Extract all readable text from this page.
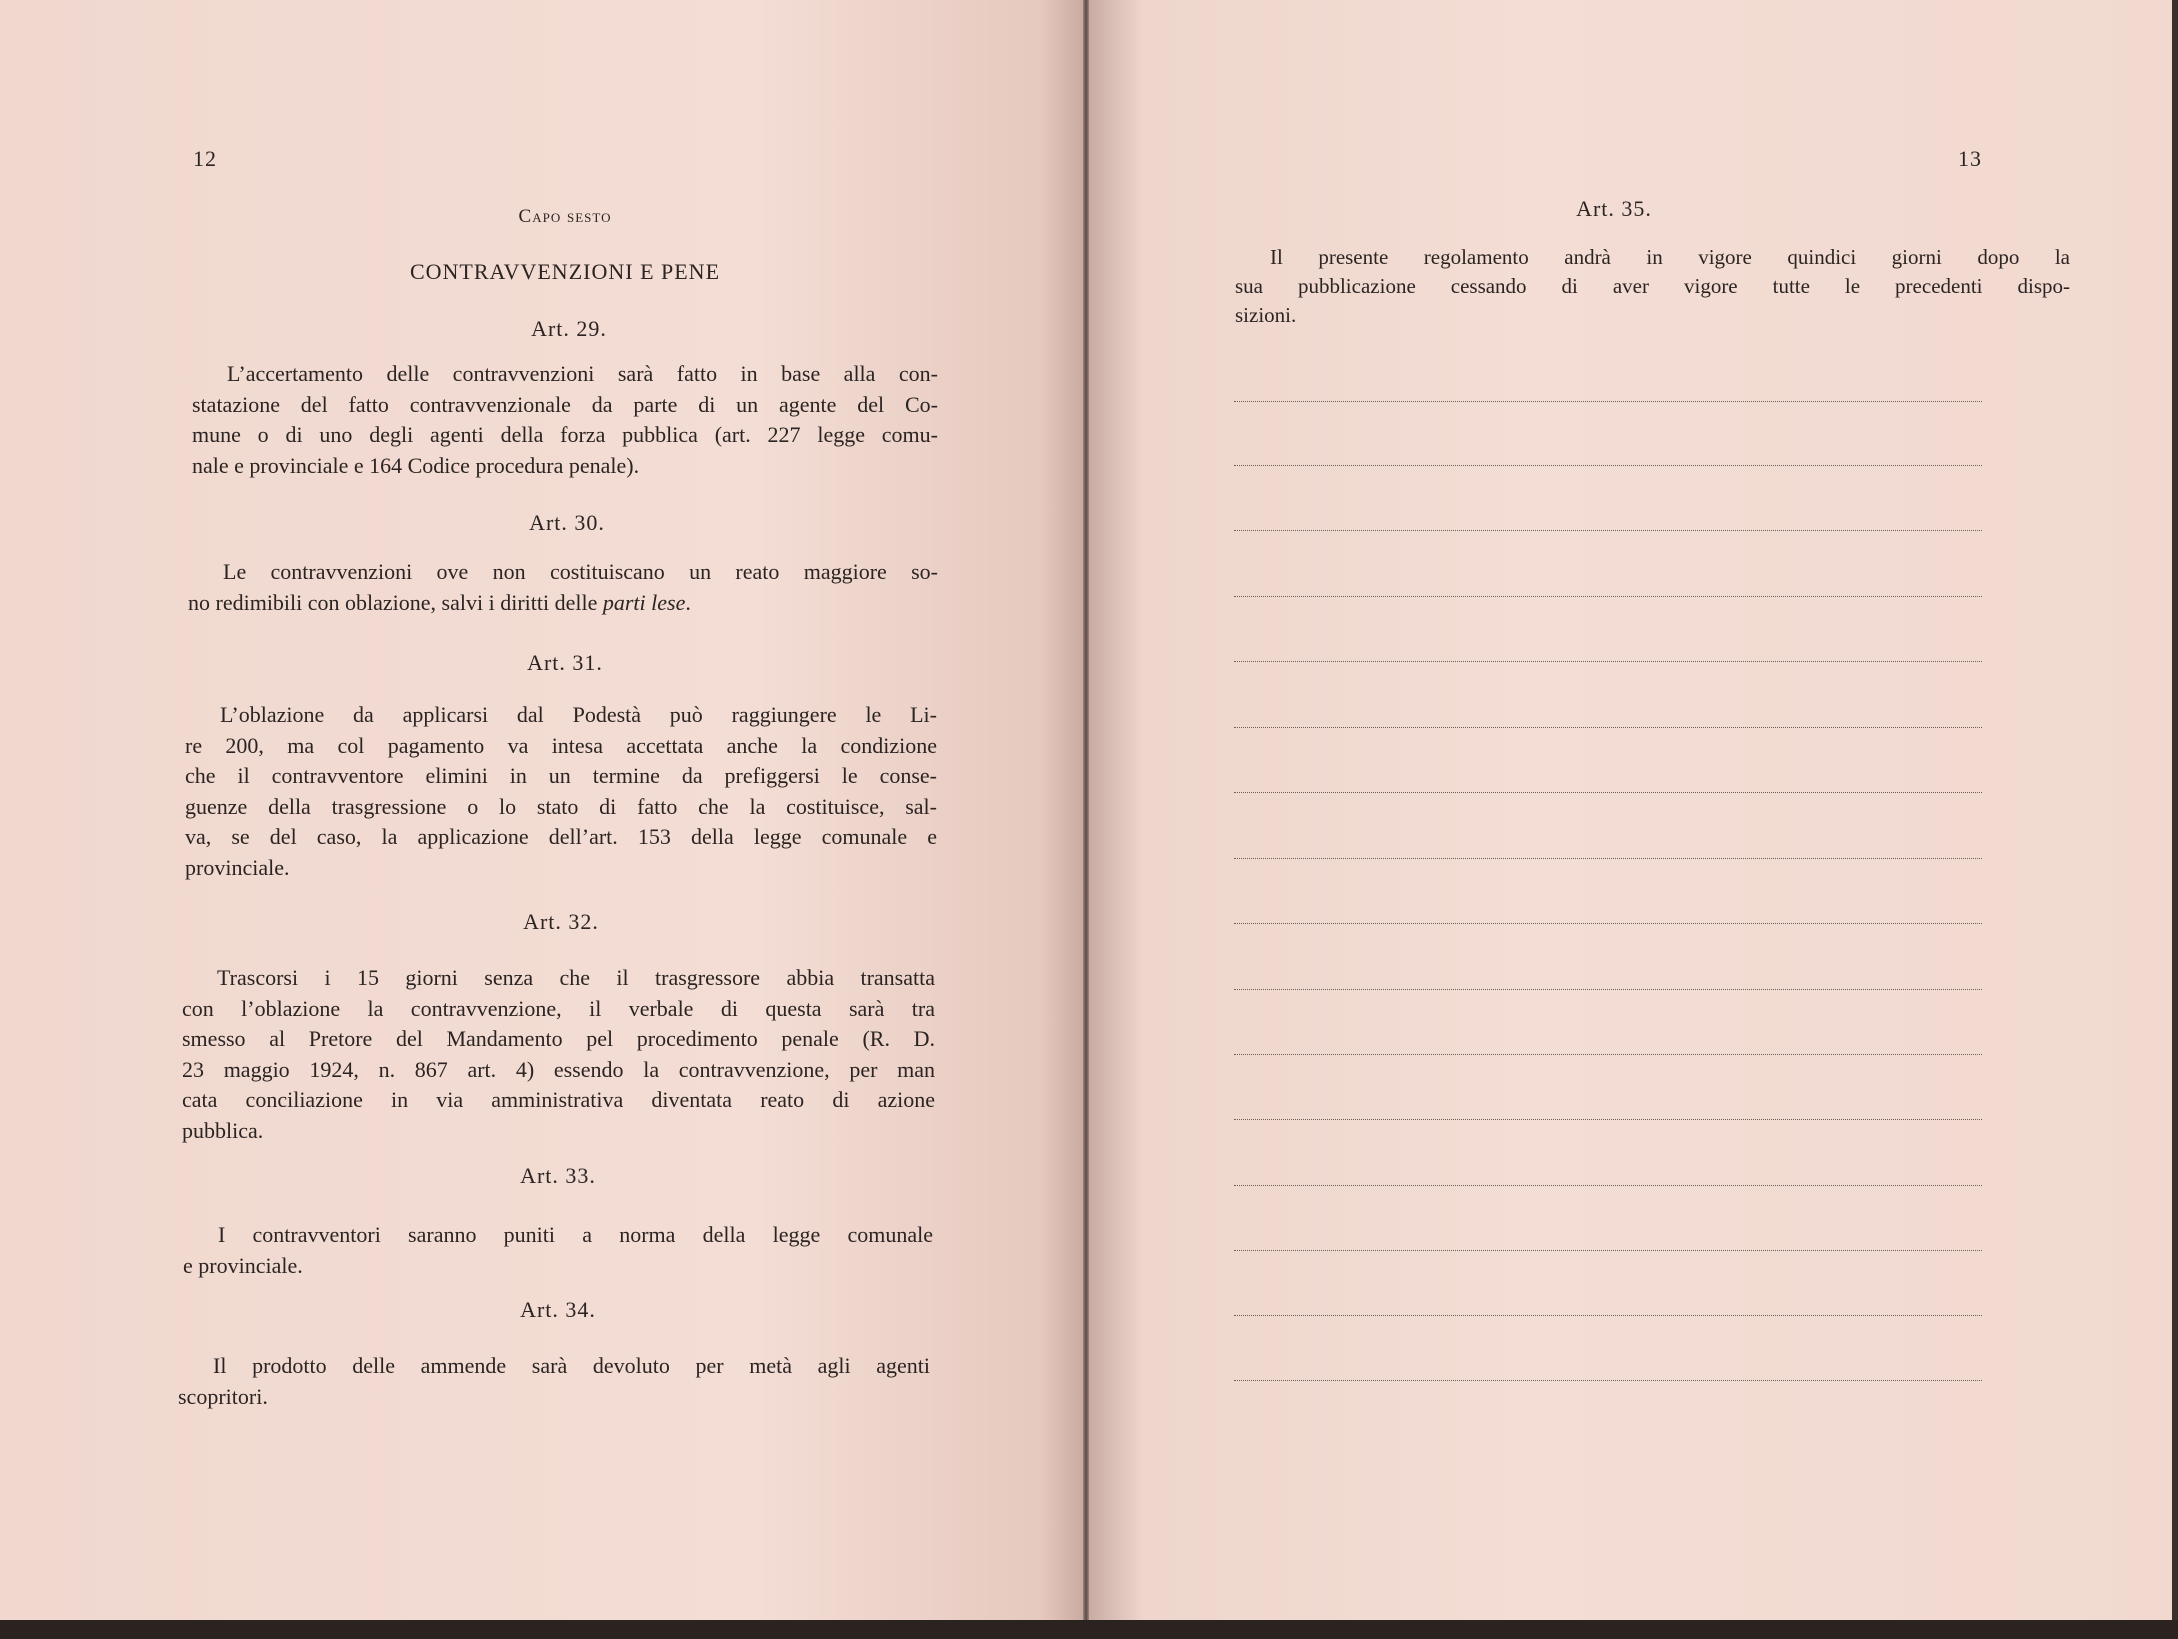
12
Capo sesto
CONTRAVVENZIONI E PENE
Art. 29.
L’accertamento delle contravvenzioni sarà fatto in base alla con-
statazione del fatto contravvenzionale da parte di un agente del Co-
mune o di uno degli agenti della forza pubblica (art. 227 legge comu-
nale e provinciale e 164 Codice procedura penale).
Art. 30.
Le contravvenzioni ove non costituiscano un reato maggiore so-
no redimibili con oblazione, salvi i diritti delle parti lese.
Art. 31.
L’oblazione da applicarsi dal Podestà può raggiungere le Li-
re 200, ma col pagamento va intesa accettata anche la condizione
che il contravventore elimini in un termine da prefiggersi le conse-
guenze della trasgressione o lo stato di fatto che la costituisce, sal-
va, se del caso, la applicazione dell’art. 153 della legge comunale e
provinciale.
Art. 32.
Trascorsi i 15 giorni senza che il trasgressore abbia transatta
con l’oblazione la contravvenzione, il verbale di questa sarà tra
smesso al Pretore del Mandamento pel procedimento penale (R. D.
23 maggio 1924, n. 867 art. 4) essendo la contravvenzione, per man
cata conciliazione in via amministrativa diventata reato di azione
pubblica.
Art. 33.
I contravventori saranno puniti a norma della legge comunale
e provinciale.
Art. 34.
Il prodotto delle ammende sarà devoluto per metà agli agenti
scopritori.
13
Art. 35.
Il presente regolamento andrà in vigore quindici giorni dopo la
sua pubblicazione cessando di aver vigore tutte le precedenti dispo-
sizioni.
